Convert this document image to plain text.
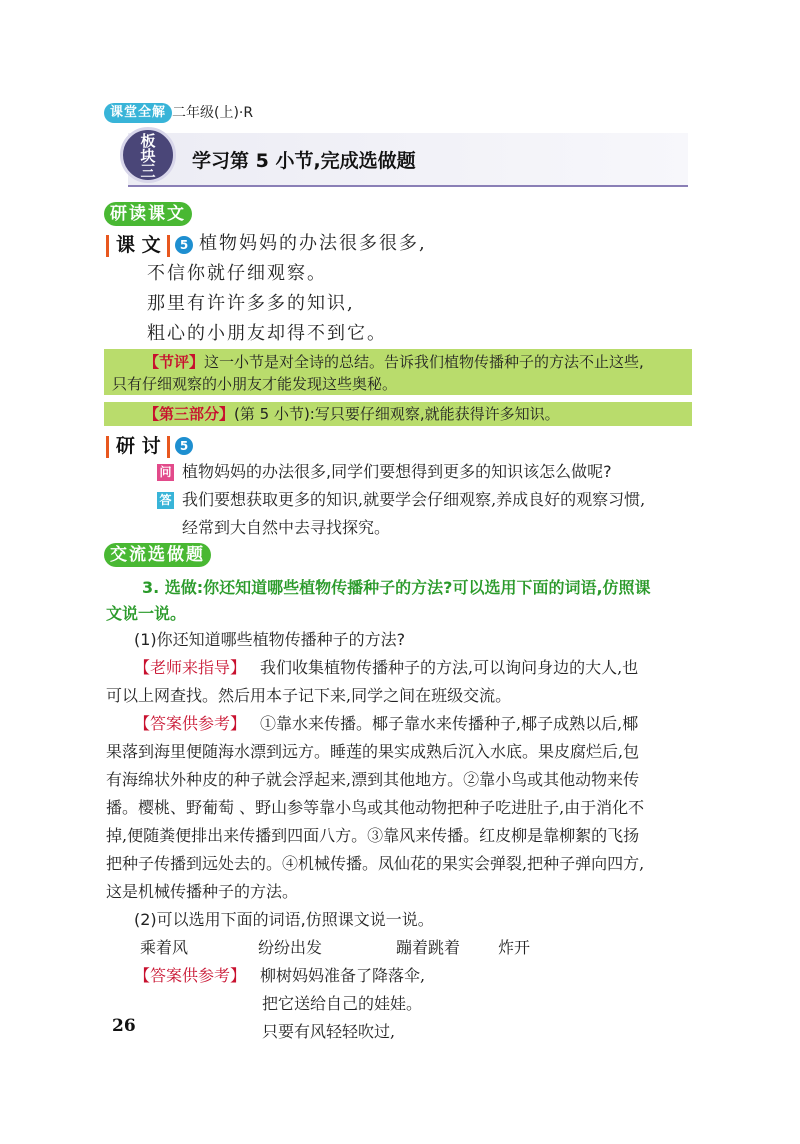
课堂全解 二年级(上)·R
板块三	学习第 5 小节,完成选做题
研读课文
课 文	5 植物妈妈的办法很多很多,
不信你就仔细观察。
那里有许许多多的知识,
粗心的小朋友却得不到它。
【节评】这一小节是对全诗的总结。告诉我们植物传播种子的方法不止这些,
只有仔细观察的小朋友才能发现这些奥秘。
【第三部分】(第 5 小节):写只要仔细观察,就能获得许多知识。
研 讨	5
问 植物妈妈的办法很多,同学们要想得到更多的知识该怎么做呢?
答 我们要想获取更多的知识,就要学会仔细观察,养成良好的观察习惯,
经常到大自然中去寻找探究。
交流选做题
3. 选做:你还知道哪些植物传播种子的方法?可以选用下面的词语,仿照课
文说一说。
(1)你还知道哪些植物传播种子的方法?
【老师来指导】 我们收集植物传播种子的方法,可以询问身边的大人,也
可以上网查找。然后用本子记下来,同学之间在班级交流。
【答案供参考】 ①靠水来传播。椰子靠水来传播种子,椰子成熟以后,椰
果落到海里便随海水漂到远方。睡莲的果实成熟后沉入水底。果皮腐烂后,包
有海绵状外种皮的种子就会浮起来,漂到其他地方。②靠小鸟或其他动物来传
播。樱桃、野葡萄 、野山参等靠小鸟或其他动物把种子吃进肚子,由于消化不
掉,便随粪便排出来传播到四面八方。③靠风来传播。红皮柳是靠柳絮的飞扬
把种子传播到远处去的。④机械传播。凤仙花的果实会弹裂,把种子弹向四方,
这是机械传播种子的方法。
(2)可以选用下面的词语,仿照课文说一说。
乘着风	纷纷出发	蹦着跳着 炸开
【答案供参考】 柳树妈妈准备了降落伞,
把它送给自己的娃娃。
只要有风轻轻吹过,
26
